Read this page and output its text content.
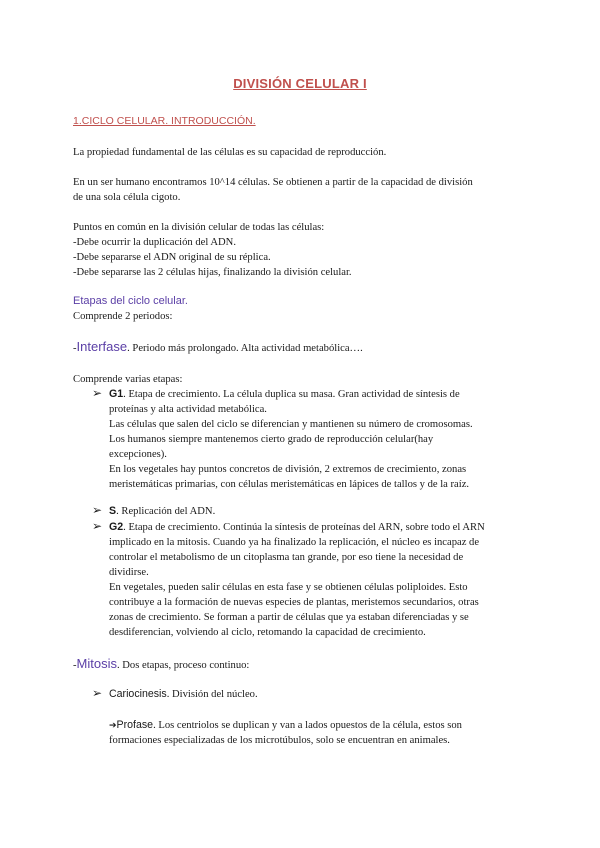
DIVISIÓN CELULAR I
1.CICLO CELULAR. INTRODUCCIÓN.
La propiedad fundamental de las células es su capacidad de reproducción.
En un ser humano encontramos 10^14 células. Se obtienen a partir de la capacidad de división
de una sola célula cigoto.
Puntos en común en la división celular de todas las células:
-Debe ocurrir la duplicación del ADN.
-Debe separarse el ADN original de su réplica.
-Debe separarse las 2 células hijas, finalizando la división celular.
Etapas del ciclo celular.
Comprende 2 periodos:
-Interfase. Periodo más prolongado. Alta actividad metabólica….
Comprende varias etapas:
➢ G1. Etapa de crecimiento. La célula duplica su masa. Gran actividad de síntesis de
proteínas y alta actividad metabólica.
Las células que salen del ciclo se diferencian y mantienen su número de cromosomas.
Los humanos siempre mantenemos cierto grado de reproducción celular(hay
excepciones).
En los vegetales hay puntos concretos de división, 2 extremos de crecimiento, zonas
meristemáticas primarias, con células meristemáticas en lápices de tallos y de la raíz.
➢ S. Replicación del ADN.
➢ G2. Etapa de crecimiento. Continúa la síntesis de proteínas del ARN, sobre todo el ARN
implicado en la mitosis. Cuando ya ha finalizado la replicación, el núcleo es incapaz de
controlar el metabolismo de un citoplasma tan grande, por eso tiene la necesidad de
dividirse.
En vegetales, pueden salir células en esta fase y se obtienen células poliploides. Esto
contribuye a la formación de nuevas especies de plantas, meristemos secundarios, otras
zonas de crecimiento. Se forman a partir de células que ya estaban diferenciadas y se
desdiferencian, volviendo al ciclo, retomando la capacidad de crecimiento.
-Mitosis. Dos etapas, proceso continuo:
➢ Cariocinesis. División del núcleo.
➔Profase. Los centriolos se duplican y van a lados opuestos de la célula, estos son
formaciones especializadas de los microtúbulos, solo se encuentran en animales.
